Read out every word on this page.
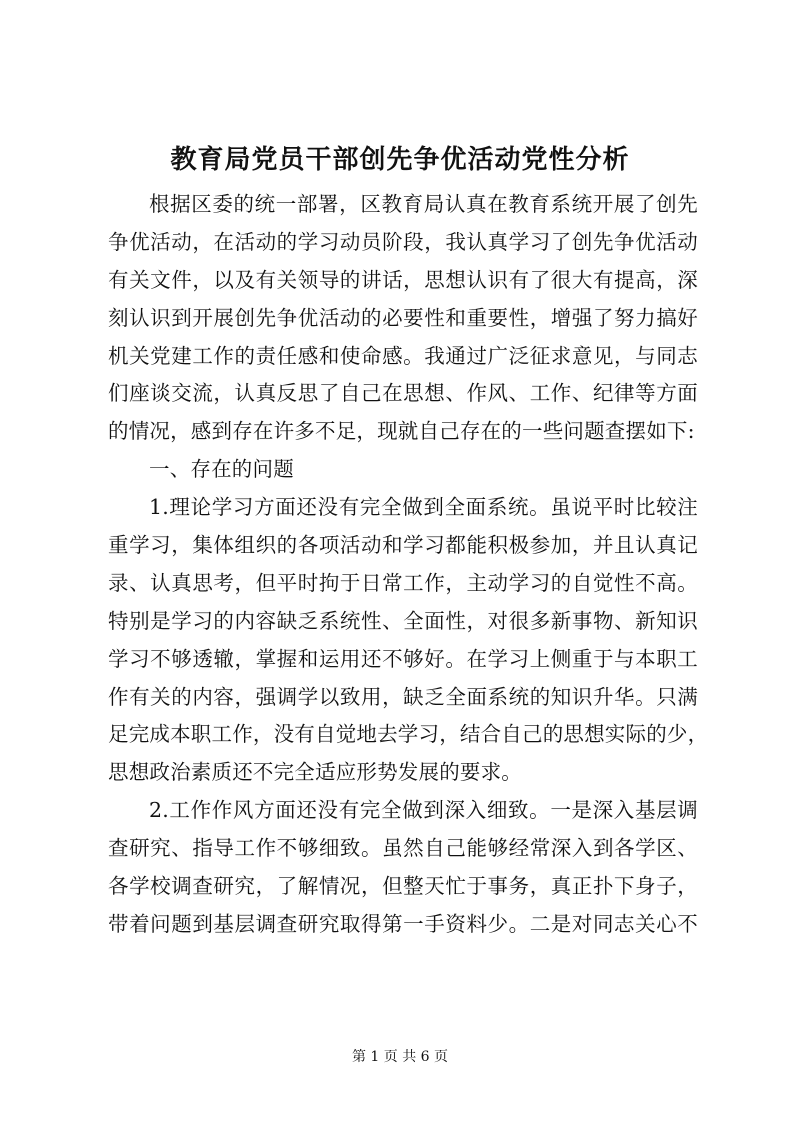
教育局党员干部创先争优活动党性分析
根据区委的统一部署，区教育局认真在教育系统开展了创先
争优活动，在活动的学习动员阶段，我认真学习了创先争优活动
有关文件，以及有关领导的讲话，思想认识有了很大有提高，深
刻认识到开展创先争优活动的必要性和重要性，增强了努力搞好
机关党建工作的责任感和使命感。我通过广泛征求意见，与同志
们座谈交流，认真反思了自己在思想、作风、工作、纪律等方面
的情况，感到存在许多不足，现就自己存在的一些问题查摆如下:
一、存在的问题
1.理论学习方面还没有完全做到全面系统。虽说平时比较注
重学习，集体组织的各项活动和学习都能积极参加，并且认真记
录、认真思考，但平时拘于日常工作，主动学习的自觉性不高。
特别是学习的内容缺乏系统性、全面性，对很多新事物、新知识
学习不够透辙，掌握和运用还不够好。在学习上侧重于与本职工
作有关的内容，强调学以致用，缺乏全面系统的知识升华。只满
足完成本职工作，没有自觉地去学习，结合自己的思想实际的少，
思想政治素质还不完全适应形势发展的要求。
2.工作作风方面还没有完全做到深入细致。一是深入基层调
查研究、指导工作不够细致。虽然自己能够经常深入到各学区、
各学校调查研究，了解情况，但整天忙于事务，真正扑下身子，
带着问题到基层调查研究取得第一手资料少。二是对同志关心不
第 1 页 共 6 页
